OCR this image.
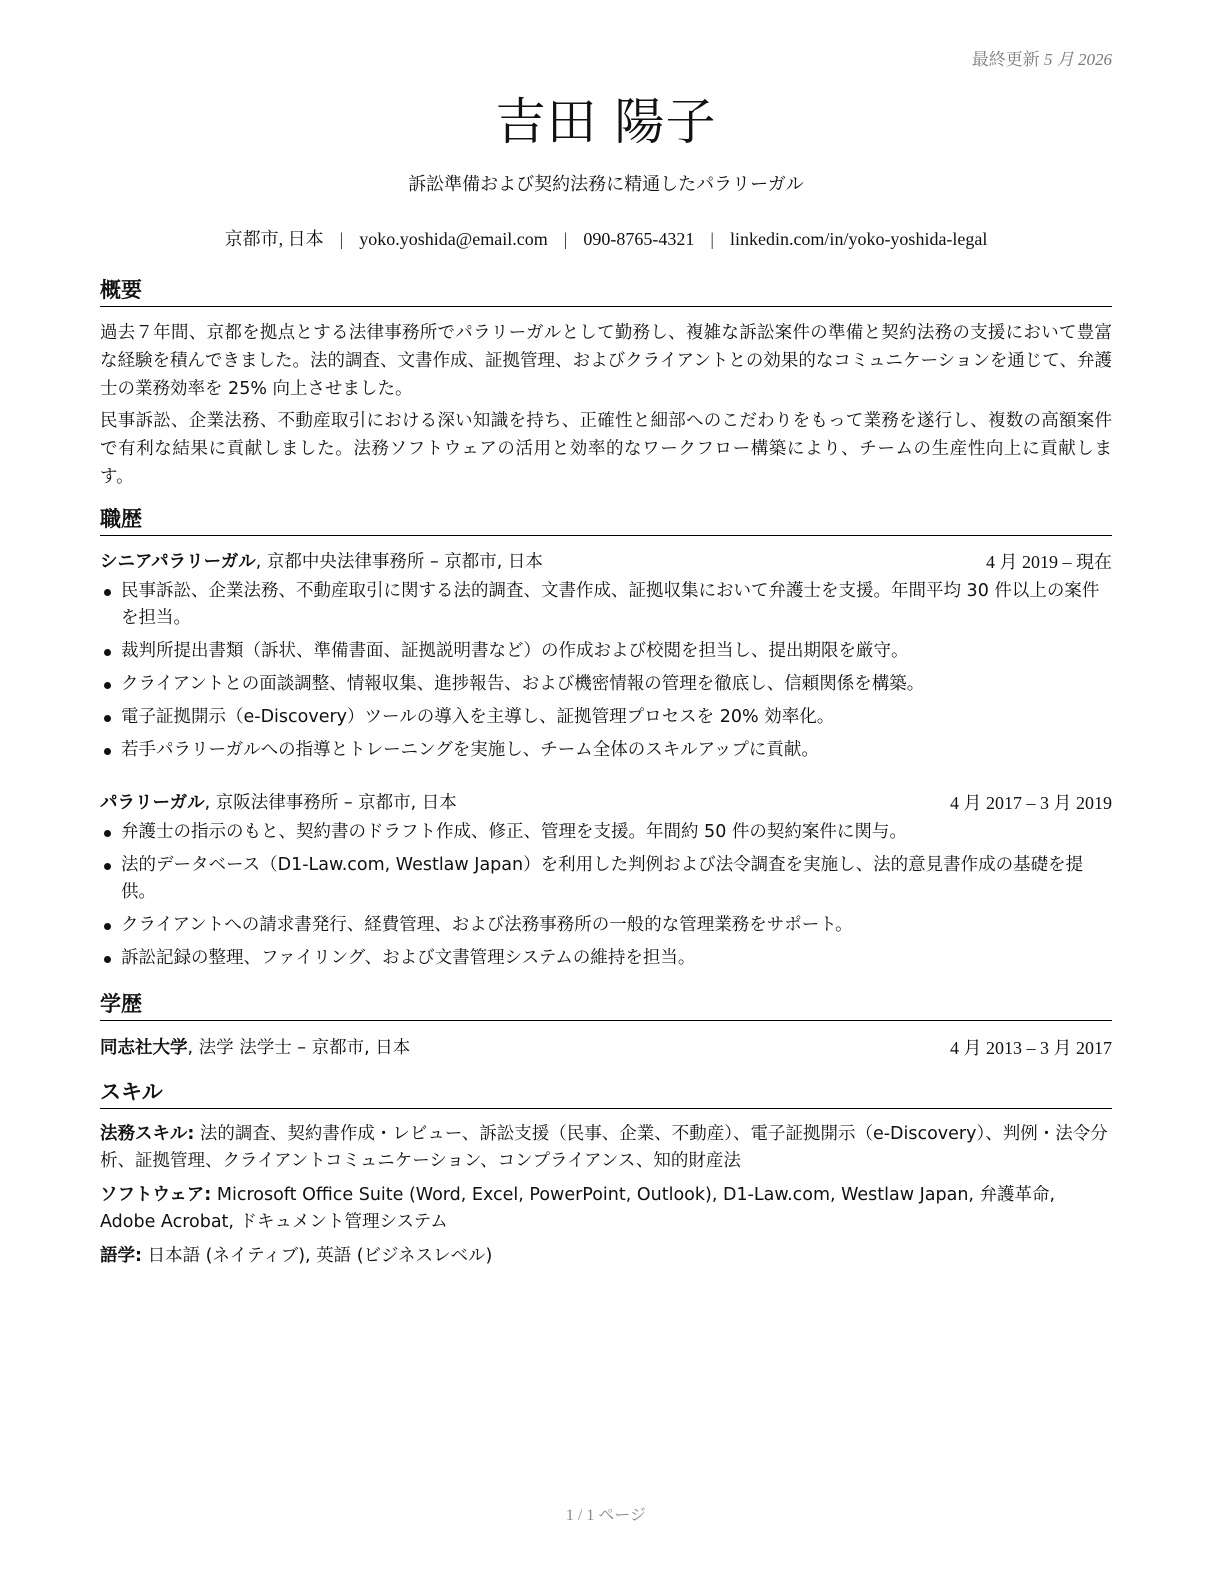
最終更新 5 月 2026
吉田 陽子
訴訟準備および契約法務に精通したパラリーガル
京都市, 日本 | yoko.yoshida@email.com | 090-8765-4321 | linkedin.com/in/yoko-yoshida-legal
概要
過去７年間、京都を拠点とする法律事務所でパラリーガルとして勤務し、複雑な訴訟案件の準備と契約法務の支援において豊富な経験を積んできました。法的調査、文書作成、証拠管理、およびクライアントとの効果的なコミュニケーションを通じて、弁護士の業務効率を 25% 向上させました。
民事訴訟、企業法務、不動産取引における深い知識を持ち、正確性と細部へのこだわりをもって業務を遂行し、複数の高額案件で有利な結果に貢献しました。法務ソフトウェアの活用と効率的なワークフロー構築により、チームの生産性向上に貢献します。
職歴
シニアパラリーガル, 京都中央法律事務所 – 京都市, 日本	4 月 2019 – 現在
民事訴訟、企業法務、不動産取引に関する法的調査、文書作成、証拠収集において弁護士を支援。年間平均 30 件以上の案件を担当。
裁判所提出書類（訴状、準備書面、証拠説明書など）の作成および校閲を担当し、提出期限を厳守。
クライアントとの面談調整、情報収集、進捗報告、および機密情報の管理を徹底し、信頼関係を構築。
電子証拠開示（e-Discovery）ツールの導入を主導し、証拠管理プロセスを 20% 効率化。
若手パラリーガルへの指導とトレーニングを実施し、チーム全体のスキルアップに貢献。
パラリーガル, 京阪法律事務所 – 京都市, 日本	4 月 2017 – 3 月 2019
弁護士の指示のもと、契約書のドラフト作成、修正、管理を支援。年間約 50 件の契約案件に関与。
法的データベース（D1-Law.com, Westlaw Japan）を利用した判例および法令調査を実施し、法的意見書作成の基礎を提供。
クライアントへの請求書発行、経費管理、および法務事務所の一般的な管理業務をサポート。
訴訟記録の整理、ファイリング、および文書管理システムの維持を担当。
学歴
同志社大学, 法学 法学士 – 京都市, 日本	4 月 2013 – 3 月 2017
スキル
法務スキル: 法的調査、契約書作成・レビュー、訴訟支援（民事、企業、不動産）、電子証拠開示（e-Discovery）、判例・法令分析、証拠管理、クライアントコミュニケーション、コンプライアンス、知的財産法
ソフトウェア: Microsoft Office Suite (Word, Excel, PowerPoint, Outlook), D1-Law.com, Westlaw Japan, 弁護革命, Adobe Acrobat, ドキュメント管理システム
語学: 日本語 (ネイティブ), 英語 (ビジネスレベル)
1 / 1 ページ
